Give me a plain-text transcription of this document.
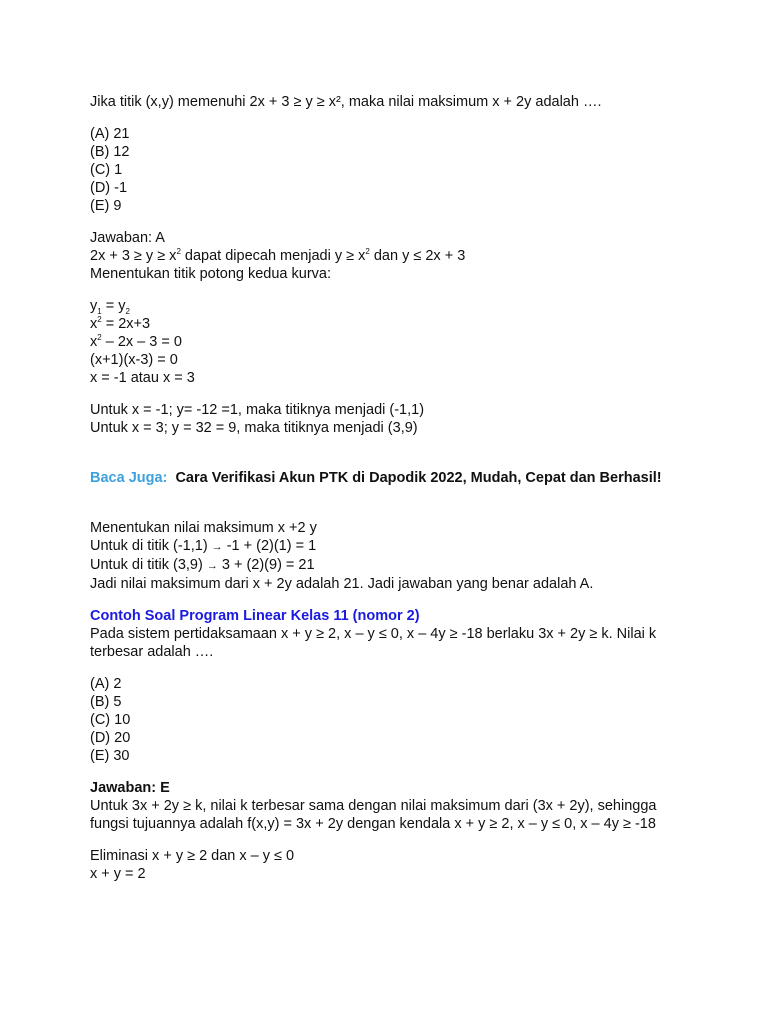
Jika titik (x,y) memenuhi 2x + 3 ≥ y ≥ x², maka nilai maksimum x + 2y adalah ….

(A) 21

(B) 12

(C) 1

(D) -1

(E) 9

Jawaban: A

$2x + 3 \ge y \ge x^2$ dapat dipecah menjadi $y \ge x^2$ dan y ≤ 2x + 3

Menentukan titik potong kedua kurva:

$y_1 = y_2$

$x^2 = 2x+3$

$x^2 - 2x - 3 = 0$

(x+1)(x-3) = 0

x = -1 atau x = 3

Untuk x = -1; y= -12 =1, maka titiknya menjadi (-1,1)

Untuk x = 3; y = 32 = 9, maka titiknya menjadi (3,9)

Baca Juga: Cara Verifikasi Akun PTK di Dapodik 2022, Mudah, Cepat dan Berhasil!

Menentukan nilai maksimum x +2 y

Untuk di titik (-1,1) → -1 + (2)(1) = 1

Untuk di titik (3,9) → 3 + (2)(9) = 21

Jadi nilai maksimum dari x + 2y adalah 21. Jadi jawaban yang benar adalah A.

Contoh Soal Program Linear Kelas 11 (nomor 2)

Pada sistem pertidaksamaan x + y ≥ 2, x – y ≤ 0, x – 4y ≥ -18 berlaku 3x + 2y ≥ k. Nilai k terbesar adalah ….

(A) 2

(B) 5

(C) 10

(D) 20

(E) 30

Jawaban: E

Untuk 3x + 2y ≥ k, nilai k terbesar sama dengan nilai maksimum dari (3x + 2y), sehingga fungsi tujuannya adalah f(x,y) = 3x + 2y dengan kendala x + y ≥ 2, x – y ≤ 0, x – 4y ≥ -18

Eliminasi x + y ≥ 2 dan x – y ≤ 0

x + y = 2
